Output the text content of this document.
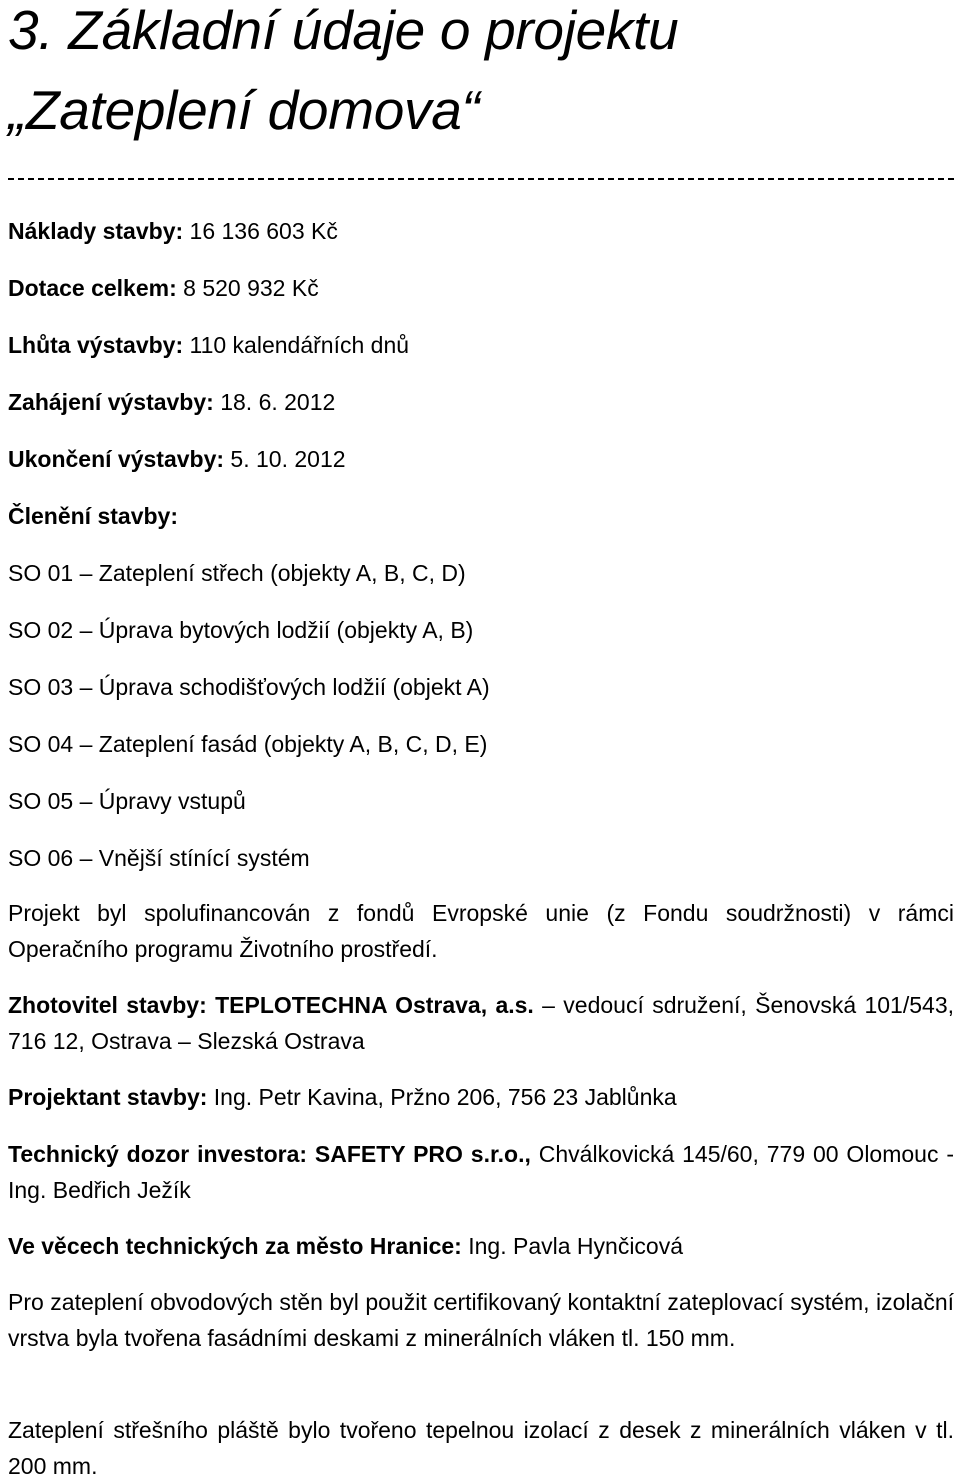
3. Základní údaje o projektu
„Zateplení domova“
Náklady stavby: 16 136 603 Kč
Dotace celkem: 8 520 932 Kč
Lhůta výstavby: 110 kalendářních dnů
Zahájení výstavby: 18. 6. 2012
Ukončení výstavby: 5. 10. 2012
Členění stavby:
SO 01 – Zateplení střech (objekty A, B, C, D)
SO 02 – Úprava bytových lodžií (objekty A, B)
SO 03 – Úprava schodišťových lodžií (objekt A)
SO 04 – Zateplení fasád (objekty A, B, C, D, E)
SO 05 – Úpravy vstupů
SO 06 – Vnější stínící systém
Projekt byl spolufinancován z fondů Evropské unie (z Fondu soudržnosti) v rámci Operačního programu Životního prostředí.
Zhotovitel stavby: TEPLOTECHNA Ostrava, a.s. – vedoucí sdružení, Šenovská 101/543, 716 12, Ostrava – Slezská Ostrava
Projektant stavby: Ing. Petr Kavina, Pržno 206, 756 23 Jablůnka
Technický dozor investora: SAFETY PRO s.r.o., Chválkovická 145/60, 779 00 Olomouc - Ing. Bedřich Ježík
Ve věcech technických za město Hranice: Ing. Pavla Hynčicová
Pro zateplení obvodových stěn byl použit certifikovaný kontaktní zateplovací systém, izolační vrstva byla tvořena fasádními deskami z minerálních vláken tl. 150 mm.
Zateplení střešního pláště bylo tvořeno tepelnou izolací z desek z minerálních vláken v tl. 200 mm.
